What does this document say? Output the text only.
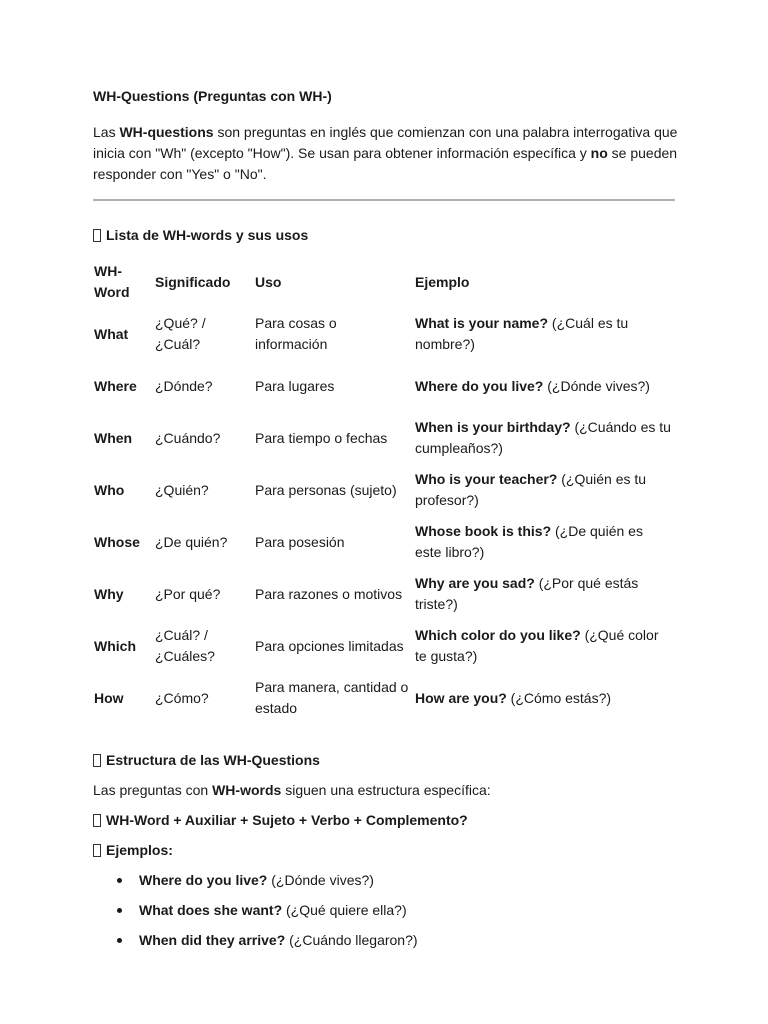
WH-Questions (Preguntas con WH-)

Las WH-questions son preguntas en inglés que comienzan con una palabra interrogativa que inicia con "Wh" (excepto "How"). Se usan para obtener información específica y no se pueden responder con "Yes" o "No".

Lista de WH-words y sus usos
WH-Word	Significado	Uso	Ejemplo
What	¿Qué? / ¿Cuál?	Para cosas o información	What is your name? (¿Cuál es tu nombre?)
Where	¿Dónde?	Para lugares	Where do you live? (¿Dónde vives?)
When	¿Cuándo?	Para tiempo o fechas	When is your birthday? (¿Cuándo es tu cumpleaños?)
Who	¿Quién?	Para personas (sujeto)	Who is your teacher? (¿Quién es tu profesor?)
Whose	¿De quién?	Para posesión	Whose book is this? (¿De quién es este libro?)
Why	¿Por qué?	Para razones o motivos	Why are you sad? (¿Por qué estás triste?)
Which	¿Cuál? / ¿Cuáles?	Para opciones limitadas	Which color do you like? (¿Qué color te gusta?)
How	¿Cómo?	Para manera, cantidad o estado	How are you? (¿Cómo estás?)
Estructura de las WH-Questions
Las preguntas con WH-words siguen una estructura específica:
WH-Word + Auxiliar + Sujeto + Verbo + Complemento?
Ejemplos:
Where do you live? (¿Dónde vives?)
What does she want? (¿Qué quiere ella?)
When did they arrive? (¿Cuándo llegaron?)
